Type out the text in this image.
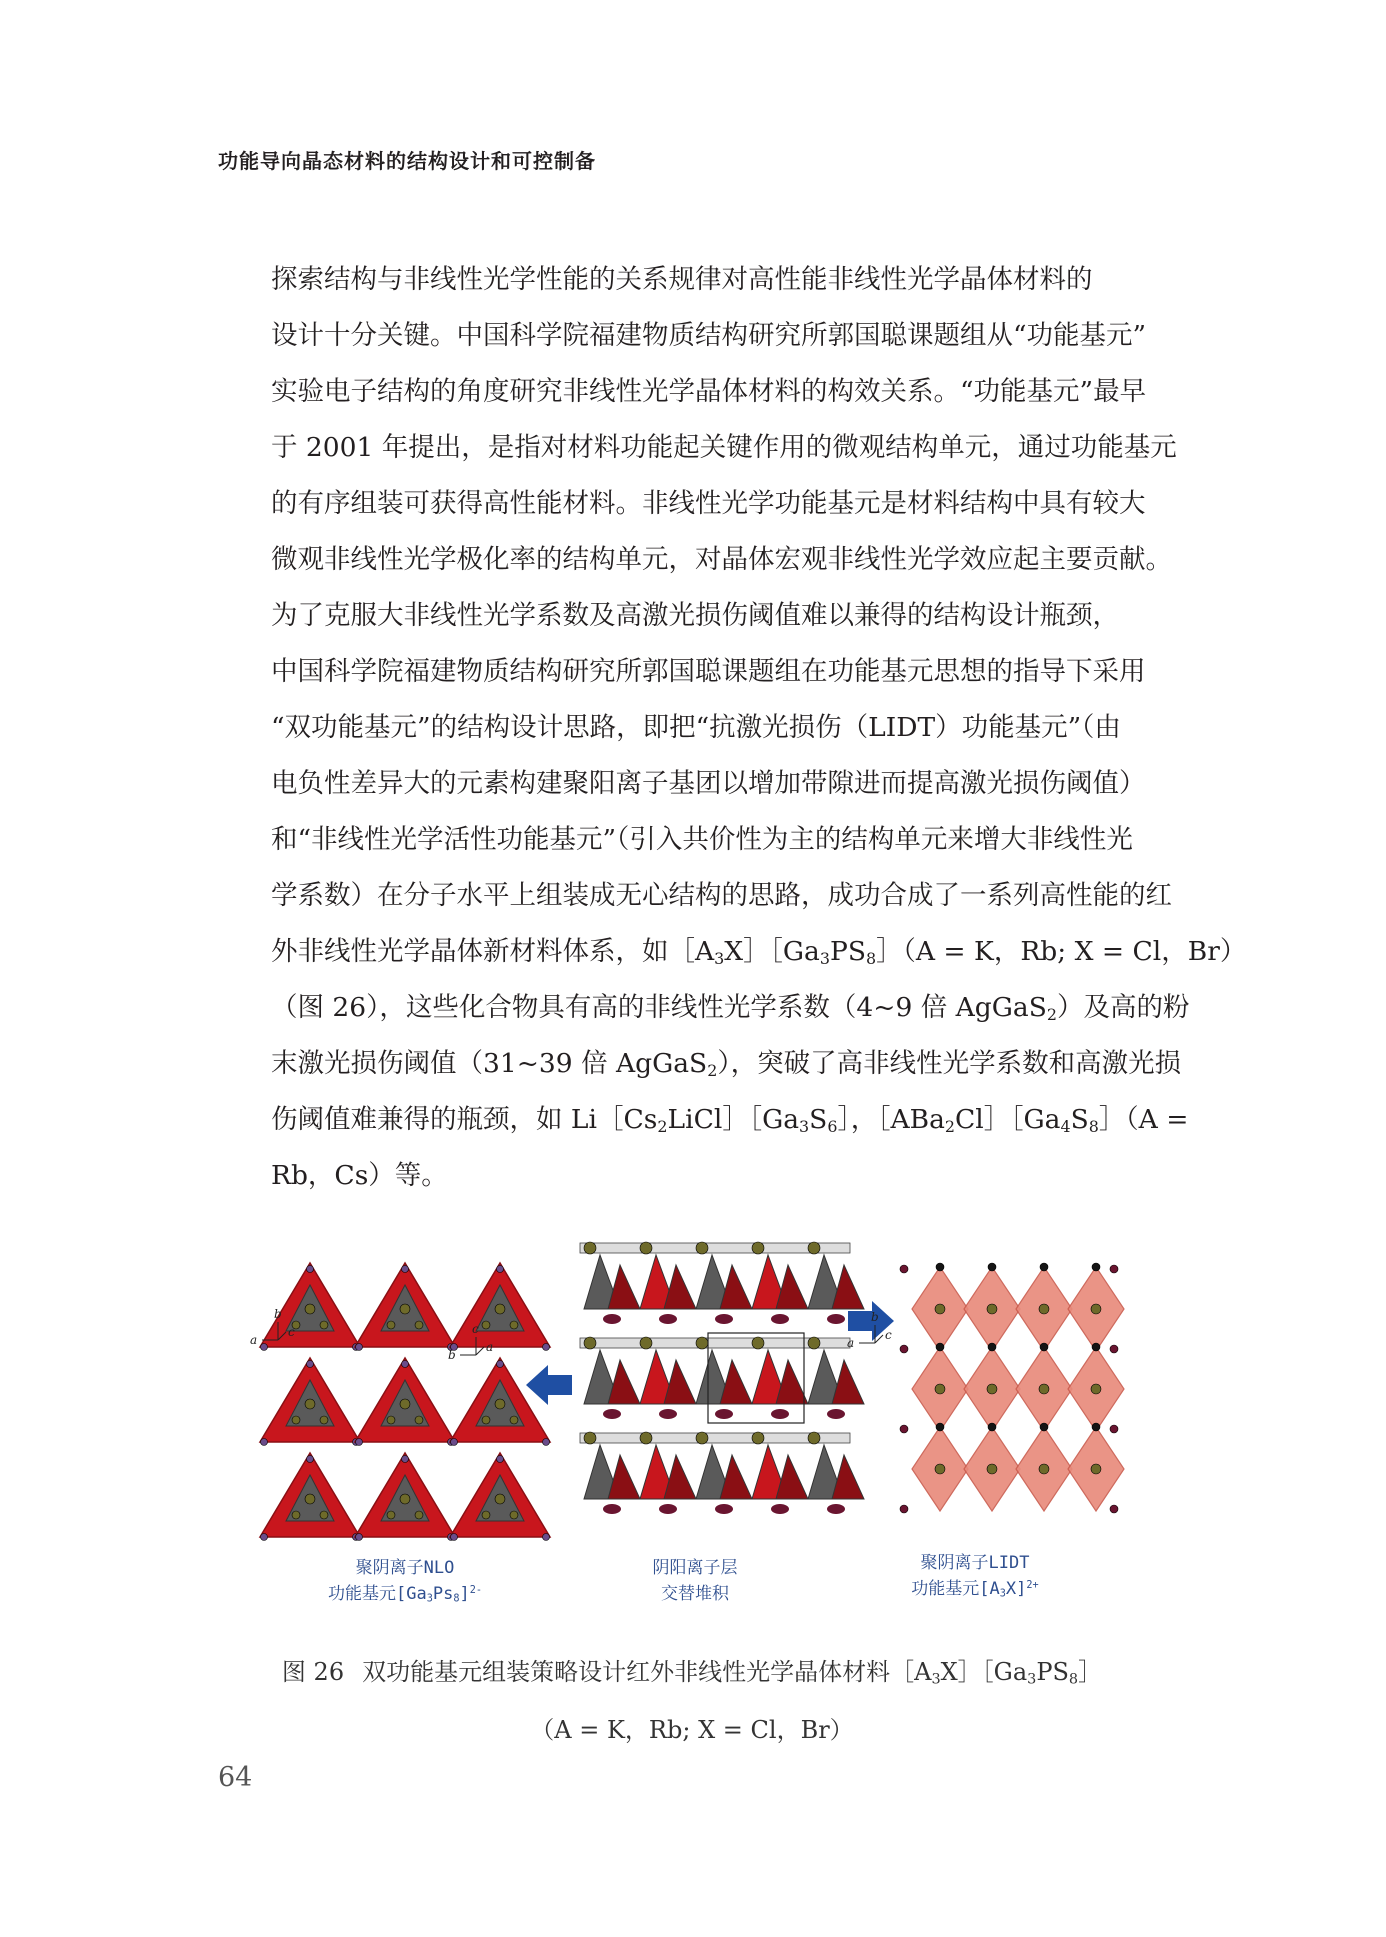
功能导向晶态材料的结构设计和可控制备

探索结构与非线性光学性能的关系规律对高性能非线性光学晶体材料的
设计十分关键。中国科学院福建物质结构研究所郭国聪课题组从“功能基元”
实验电子结构的角度研究非线性光学晶体材料的构效关系。“功能基元”最早
于 2001 年提出，是指对材料功能起关键作用的微观结构单元，通过功能基元
的有序组装可获得高性能材料。非线性光学功能基元是材料结构中具有较大
微观非线性光学极化率的结构单元，对晶体宏观非线性光学效应起主要贡献。

为了克服大非线性光学系数及高激光损伤阈值难以兼得的结构设计瓶颈，
中国科学院福建物质结构研究所郭国聪课题组在功能基元思想的指导下采用
“双功能基元”的结构设计思路，即把“抗激光损伤（LIDT）功能基元”（由
电负性差异大的元素构建聚阳离子基团以增加带隙进而提高激光损伤阈值）
和“非线性光学活性功能基元”（引入共价性为主的结构单元来增大非线性光
学系数）在分子水平上组装成无心结构的思路，成功合成了一系列高性能的红
外非线性光学晶体新材料体系，如$[A_3X][Ga_3PS_8](A = K$，Rb; X = Cl，Br）
（图 26），这些化合物具有高的非线性光学系数（4~9 倍 AgGaS$_2$）及高的粉
末激光损伤阈值（31~39 倍 AgGaS$_2$），突破了高非线性光学系数和高激光损
伤阈值难兼得的瓶颈，如 $Li[Cs_2LiCl][Ga_3S_6]$，$[ABa_2Cl][Ga_4S_8](A$ =
Rb，Cs）等。

b
a
c	c
b
a
b
a
c
聚阴离子NLO
功能基元$[Ga_3Ps_8]^{2-}$
阴阳离子层
交替堆积
聚阴离子LIDT
功能基元$[A_3X]^{2+}$
图 26 双功能基元组装策略设计红外非线性光学晶体材料$[A_3X][Ga_3PS_8]$
（A = K，Rb; X = Cl，Br）
64
